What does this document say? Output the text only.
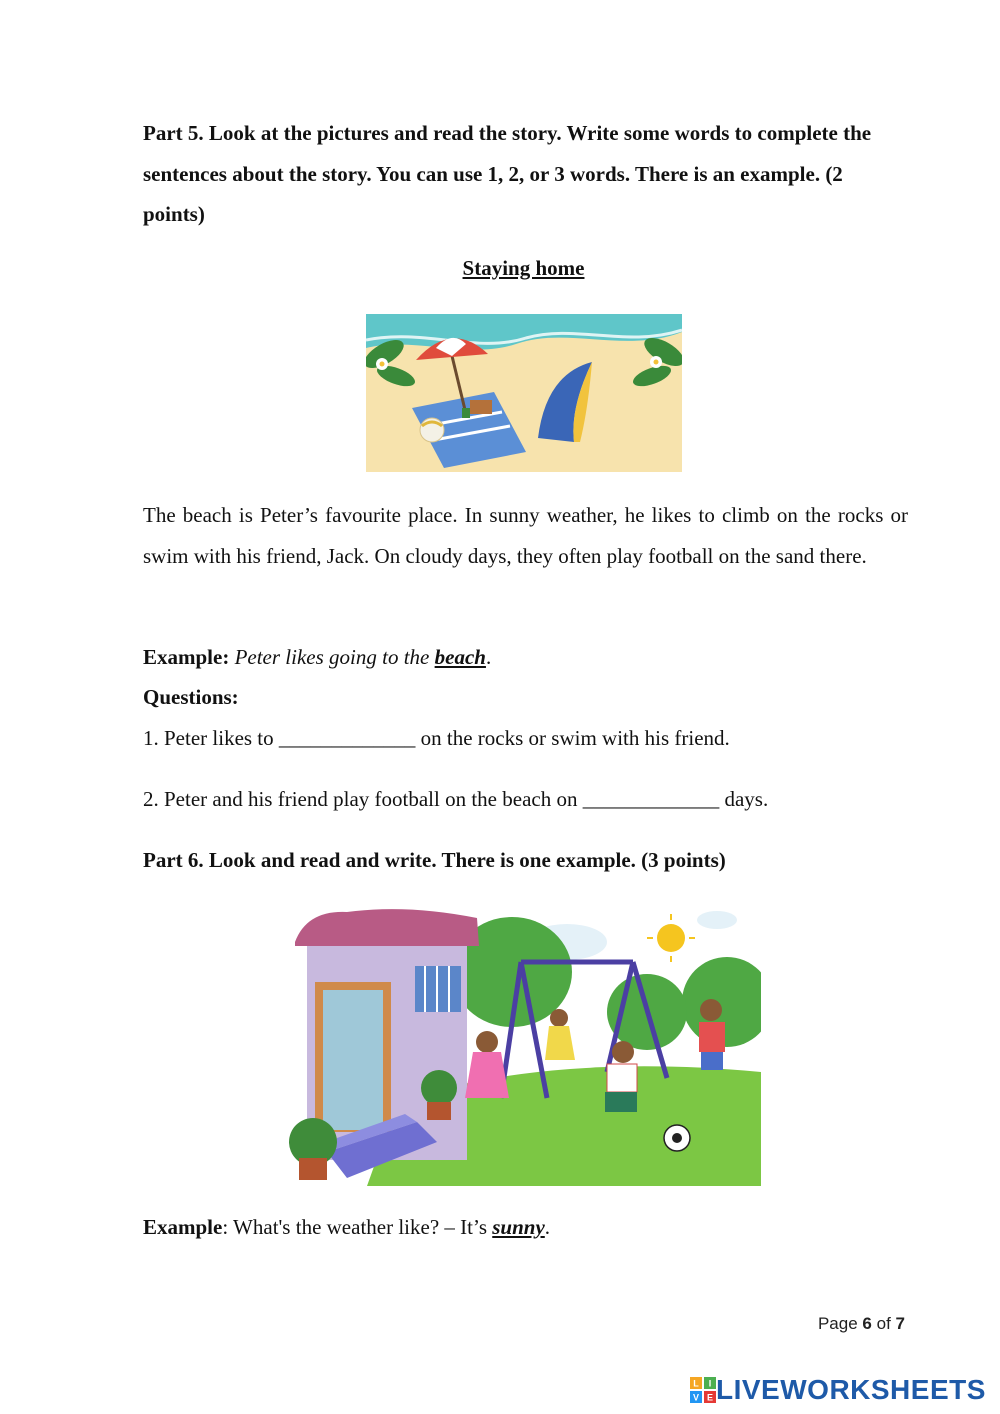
Part 5. Look at the pictures and read the story. Write some words to complete the sentences about the story. You can use 1, 2, or 3 words. There is an example. (2 points)
Staying home
The beach is Peter’s favourite place. In sunny weather, he likes to climb on the rocks or swim with his friend, Jack. On cloudy days, they often play football on the sand there.
Example: Peter likes going to the beach.
Questions:
1. Peter likes to _____________ on the rocks or swim with his friend.
2. Peter and his friend play football on the beach on _____________ days.
Part 6. Look and read and write. There is one example. (3 points)
Example: What's the weather like? – It’s sunny.
Page 6 of 7
L I
V E LIVEWORKSHEETS
